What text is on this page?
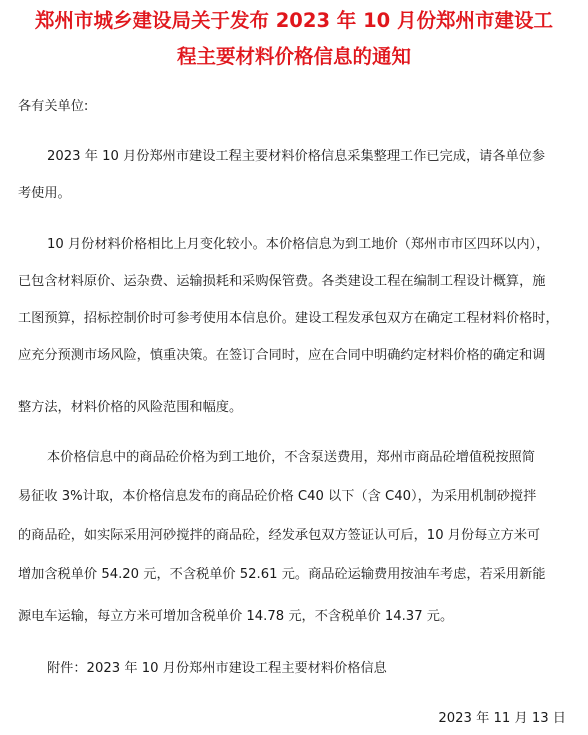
郑州市城乡建设局关于发布 2023 年 10 月份郑州市建设工
程主要材料价格信息的通知
各有关单位:
2023 年 10 月份郑州市建设工程主要材料价格信息采集整理工作已完成，请各单位参
考使用。
10 月份材料价格相比上月变化较小。本价格信息为到工地价（郑州市市区四环以内），
已包含材料原价、运杂费、运输损耗和采购保管费。各类建设工程在编制工程设计概算，施
工图预算，招标控制价时可参考使用本信息价。建设工程发承包双方在确定工程材料价格时，
应充分预测市场风险，慎重决策。在签订合同时，应在合同中明确约定材料价格的确定和调
整方法，材料价格的风险范围和幅度。
本价格信息中的商品砼价格为到工地价，不含泵送费用，郑州市商品砼增值税按照简
易征收 3%计取，本价格信息发布的商品砼价格 C40 以下（含 C40），为采用机制砂搅拌
的商品砼，如实际采用河砂搅拌的商品砼，经发承包双方签证认可后，10 月份每立方米可
增加含税单价 54.20 元，不含税单价 52.61 元。商品砼运输费用按油车考虑，若采用新能
源电车运输，每立方米可增加含税单价 14.78 元，不含税单价 14.37 元。
附件：2023 年 10 月份郑州市建设工程主要材料价格信息
2023 年 11 月 13 日
